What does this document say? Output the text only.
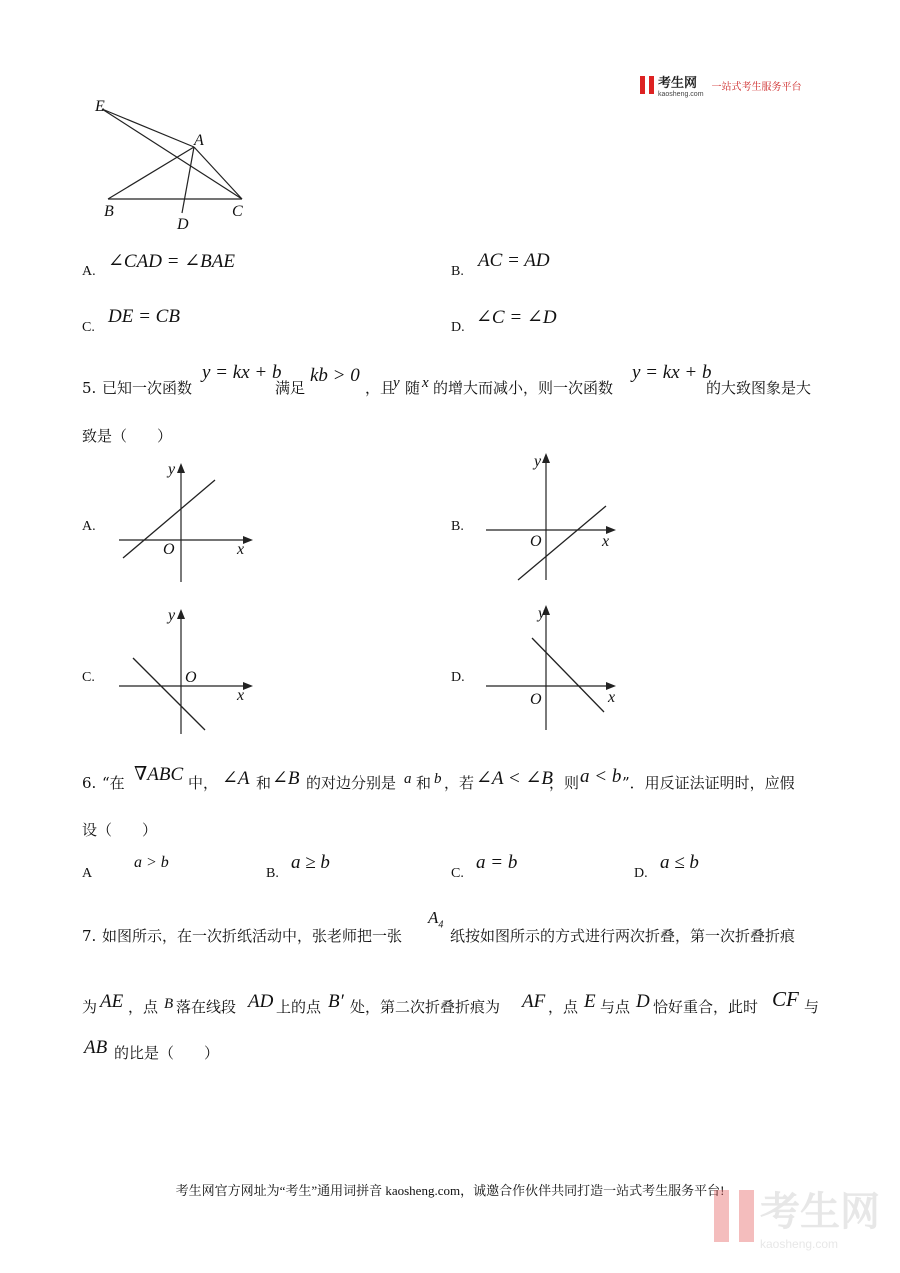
考生网
kaosheng.com
一站式考生服务平台
E
A
B
D
C
A. ∠CAD = ∠BAE	B.
AC = AD
C.
DE = CB
D. ∠C = ∠D
5. 已知一次函数
y = kx + b
满足
kb > 0
，且
y 随 x 的增大而减小，则一次函数
y = kx + b
的大致图象是大
致是（　　）
A.
x
y
O
B.
x
y
O
C.
x
y
O	D.
x
y
O
6. “在 ∇ABC 中， ∠A 和 ∠B 的对边分别是 a 和 b ，若 ∠A < ∠B
，则 a < b ”．用反证法证明时，应假
设（　　）
A
a > b
B.
a ≥ b
C.
a = b
D.
a ≤ b
7. 如图所示，在一次折纸活动中，张老师把一张
$A_4$
纸按如图所示的方式进行两次折叠，第一次折叠折痕
为 AE ，点 B 落在线段 AD 上的点 B′ 处，第二次折叠折痕为 AF ，点 E 与点 D 恰好重合，此时 CF 与
AB 的比是（　　）
考生网官方网址为“考生”通用词拼音 kaosheng.com，诚邀合作伙伴共同打造一站式考生服务平台! 考生网
kaosheng.com
